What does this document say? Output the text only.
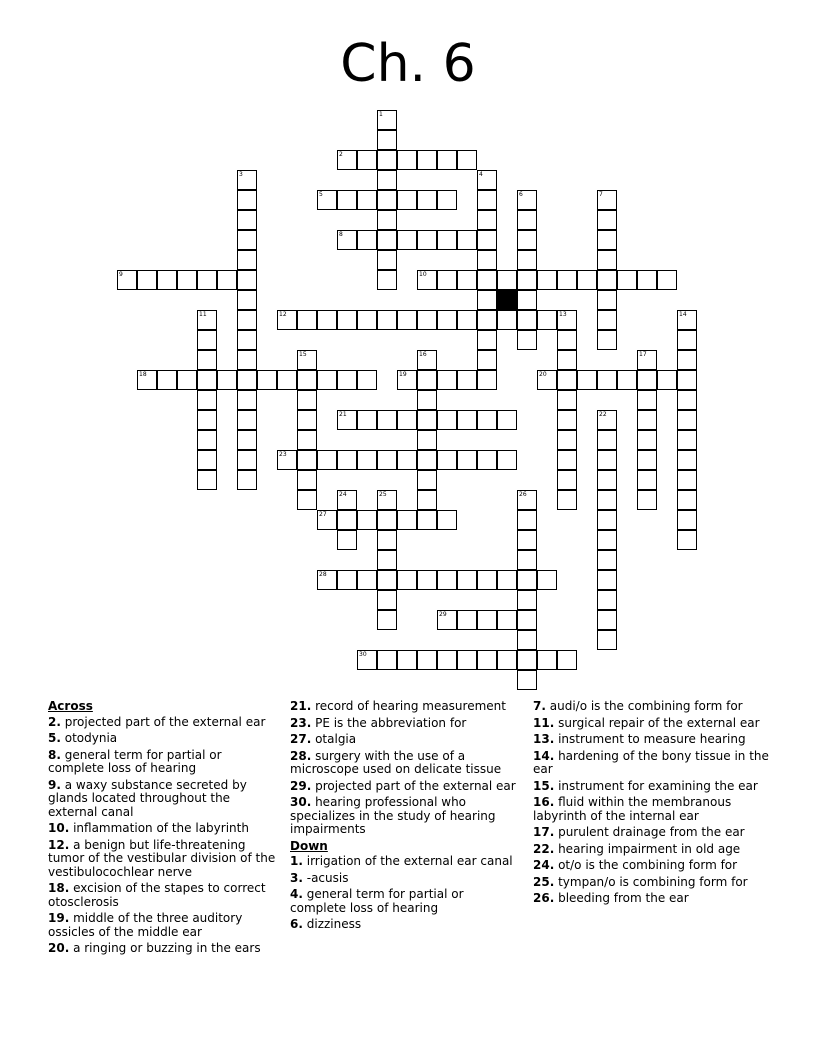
Ch. 6
1
2
3	4
5	6	7
8
9	10
11	12	13	14
15	16	17
18	19	20
21	22
23
24	25	26
27
28
29
30
Across
2. projected part of the external ear
5. otodynia
8. general term for partial or complete loss of hearing
9. a waxy substance secreted by glands located throughout the external canal
10. inflammation of the labyrinth
12. a benign but life-threatening tumor of the vestibular division of the vestibulocochlear nerve
18. excision of the stapes to correct otosclerosis
19. middle of the three auditory ossicles of the middle ear
20. a ringing or buzzing in the ears
21. record of hearing measurement
23. PE is the abbreviation for
27. otalgia
28. surgery with the use of a microscope used on delicate tissue
29. projected part of the external ear
30. hearing professional who specializes in the study of hearing impairments
Down
1. irrigation of the external ear canal
3. -acusis
4. general term for partial or complete loss of hearing
6. dizziness
7. audi/o is the combining form for
11. surgical repair of the external ear
13. instrument to measure hearing
14. hardening of the bony tissue in the ear
15. instrument for examining the ear
16. fluid within the membranous labyrinth of the internal ear
17. purulent drainage from the ear
22. hearing impairment in old age
24. ot/o is the combining form for
25. tympan/o is combining form for
26. bleeding from the ear
